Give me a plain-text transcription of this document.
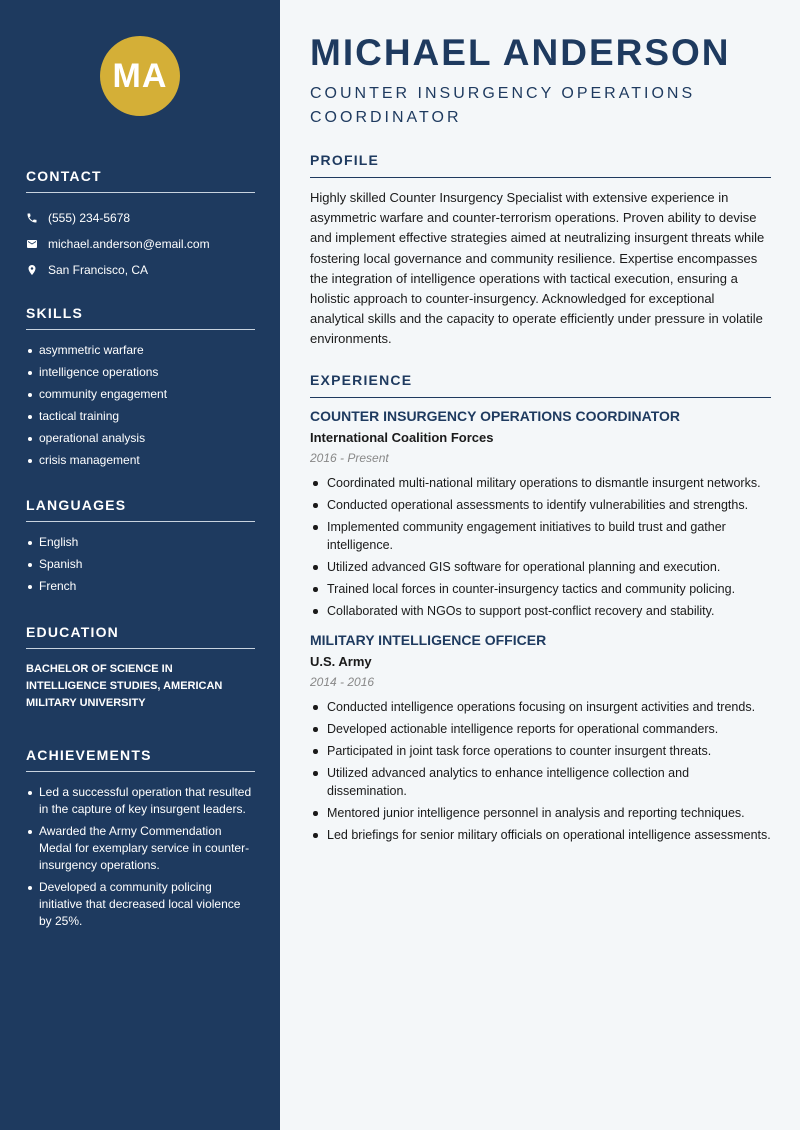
MA
CONTACT
(555) 234-5678
michael.anderson@email.com
San Francisco, CA
SKILLS
asymmetric warfare
intelligence operations
community engagement
tactical training
operational analysis
crisis management
LANGUAGES
English
Spanish
French
EDUCATION
BACHELOR OF SCIENCE IN INTELLIGENCE STUDIES, AMERICAN MILITARY UNIVERSITY
ACHIEVEMENTS
Led a successful operation that resulted in the capture of key insurgent leaders.
Awarded the Army Commendation Medal for exemplary service in counter-insurgency operations.
Developed a community policing initiative that decreased local violence by 25%.
MICHAEL ANDERSON
COUNTER INSURGENCY OPERATIONS COORDINATOR
PROFILE

Highly skilled Counter Insurgency Specialist with extensive experience in asymmetric warfare and counter-terrorism operations. Proven ability to devise and implement effective strategies aimed at neutralizing insurgent threats while fostering local governance and community resilience. Expertise encompasses the integration of intelligence operations with tactical execution, ensuring a holistic approach to counter-insurgency. Acknowledged for exceptional analytical skills and the capacity to operate efficiently under pressure in volatile environments.

EXPERIENCE
COUNTER INSURGENCY OPERATIONS COORDINATOR
International Coalition Forces
2016 - Present
Coordinated multi-national military operations to dismantle insurgent networks.
Conducted operational assessments to identify vulnerabilities and strengths.
Implemented community engagement initiatives to build trust and gather intelligence.
Utilized advanced GIS software for operational planning and execution.
Trained local forces in counter-insurgency tactics and community policing.
Collaborated with NGOs to support post-conflict recovery and stability.
MILITARY INTELLIGENCE OFFICER
U.S. Army
2014 - 2016
Conducted intelligence operations focusing on insurgent activities and trends.
Developed actionable intelligence reports for operational commanders.
Participated in joint task force operations to counter insurgent threats.
Utilized advanced analytics to enhance intelligence collection and dissemination.
Mentored junior intelligence personnel in analysis and reporting techniques.
Led briefings for senior military officials on operational intelligence assessments.
